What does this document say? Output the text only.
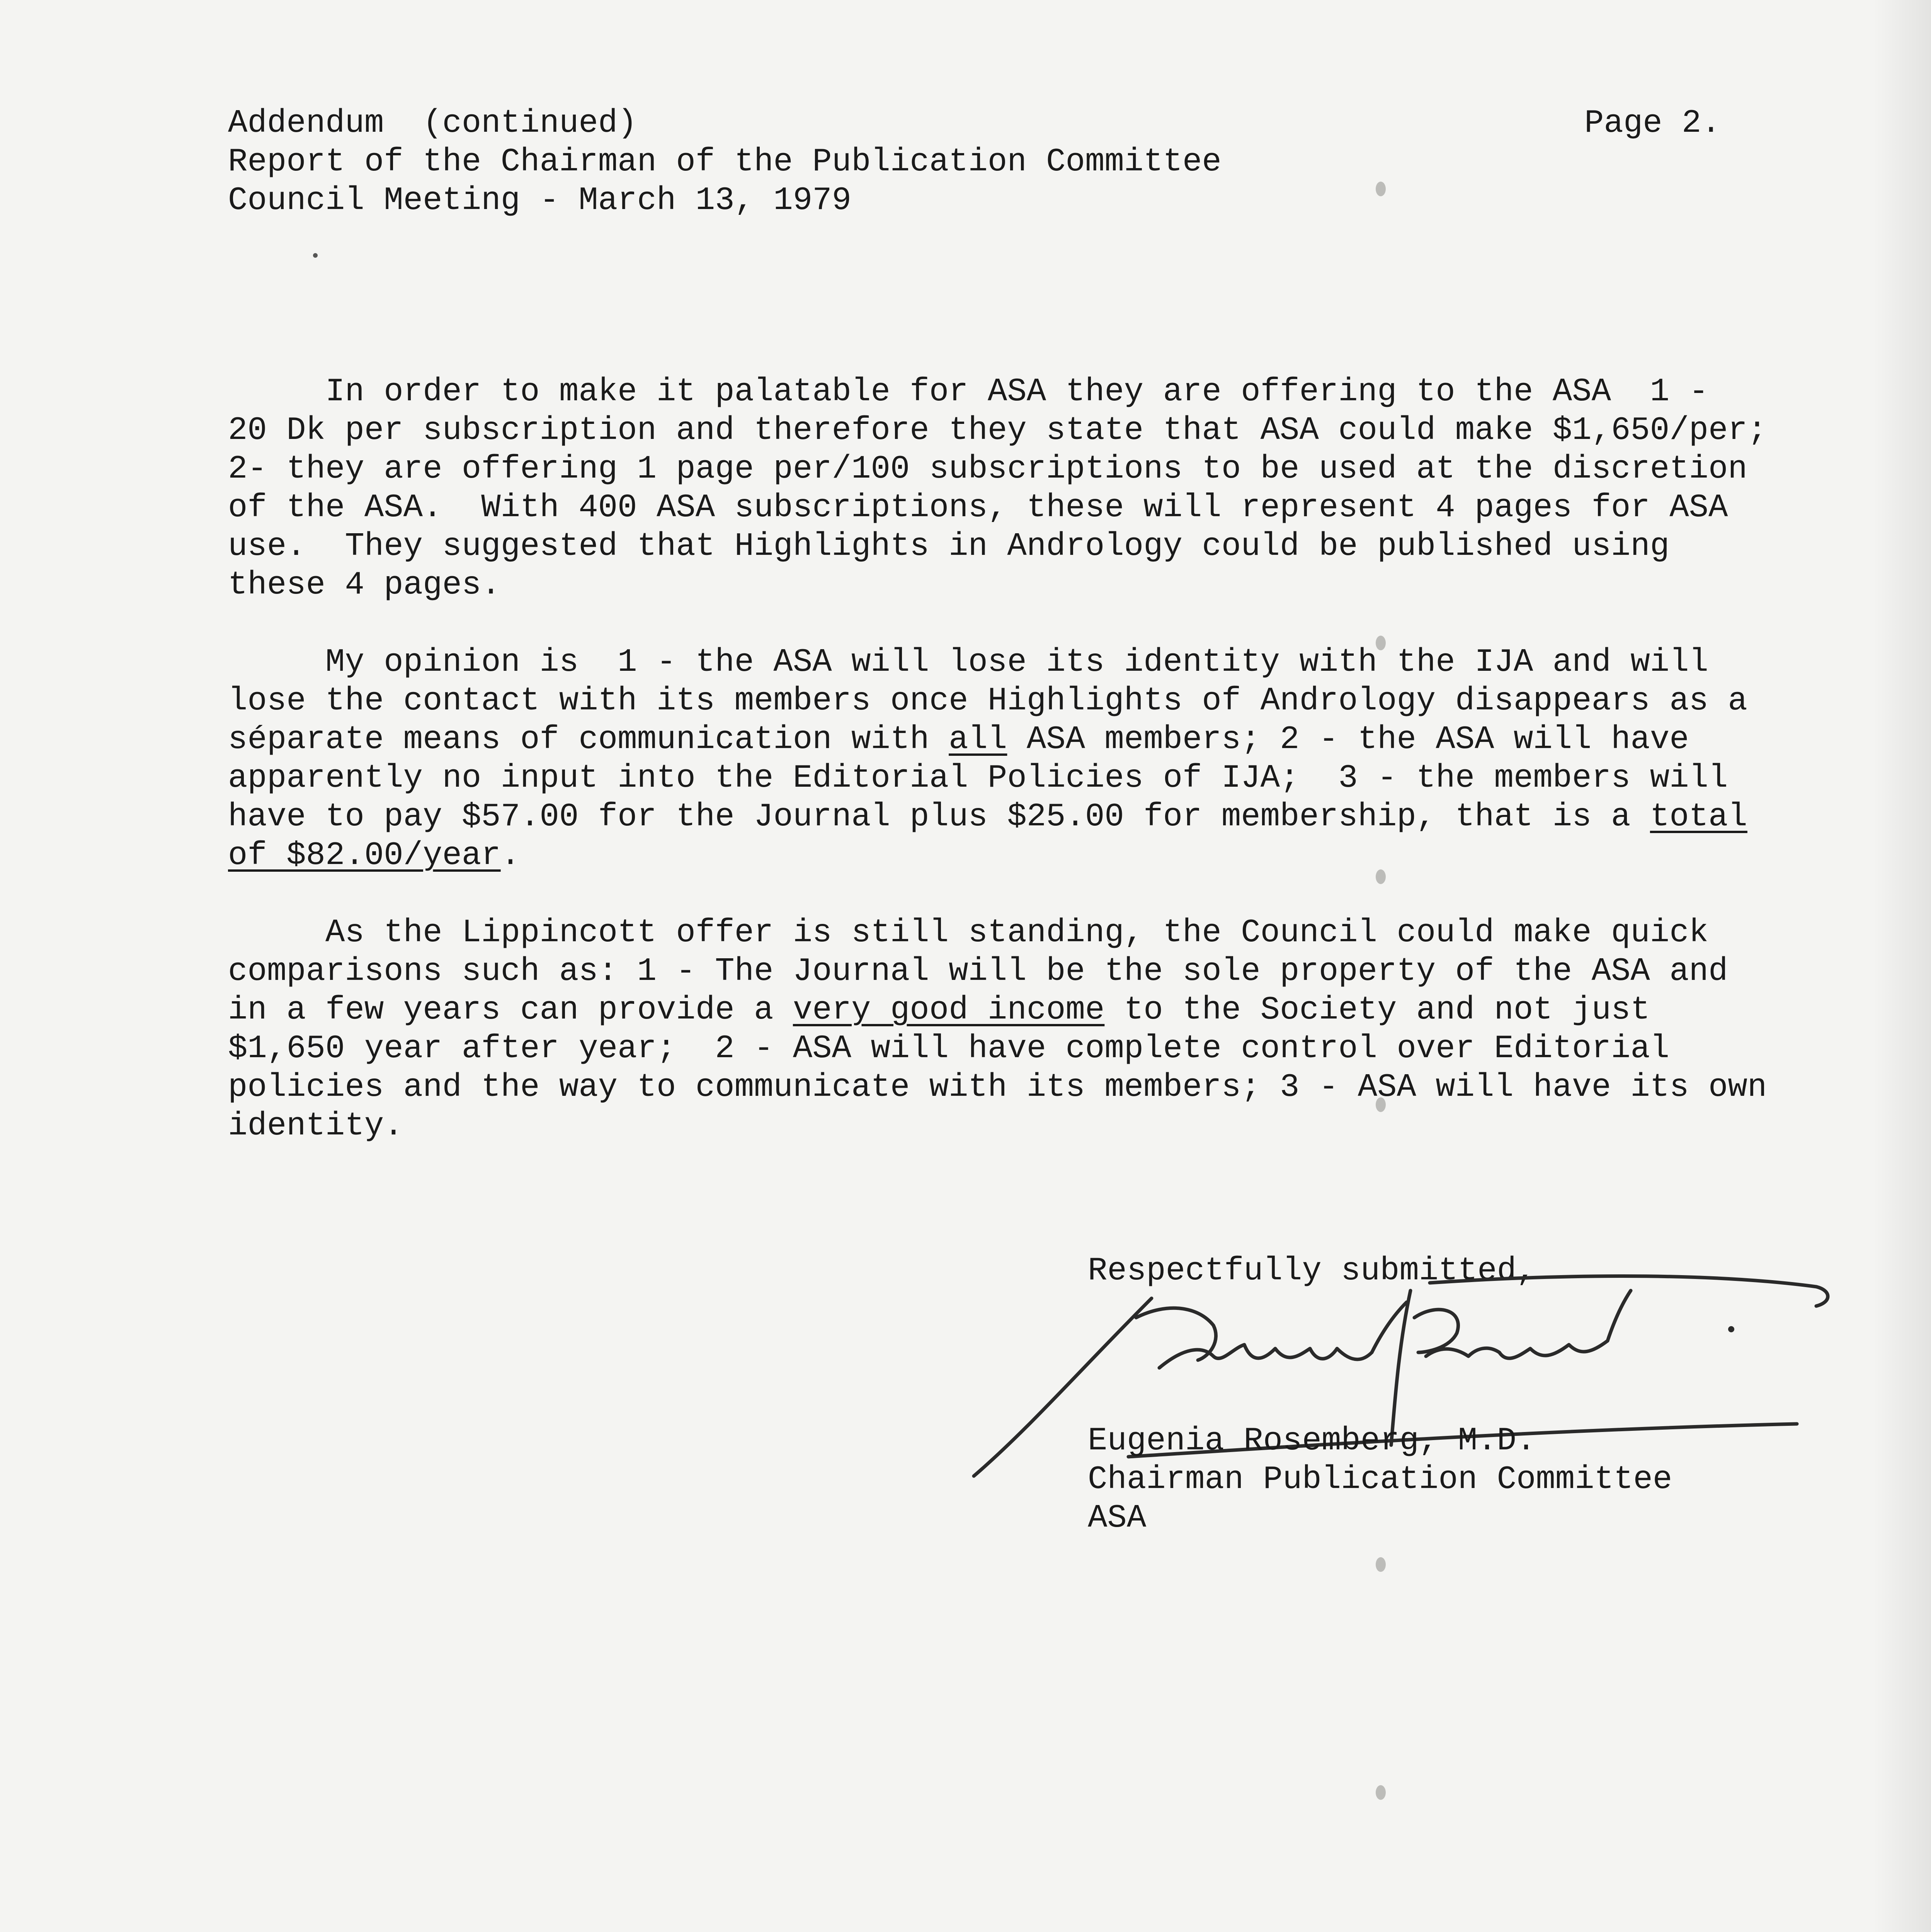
Addendum  (continued)
Report of the Chairman of the Publication Committee
Council Meeting - March 13, 1979
Page 2.
In order to make it palatable for ASA they are offering to the ASA  1 -
20 Dk per subscription and therefore they state that ASA could make $1,650/per;
2- they are offering 1 page per/100 subscriptions to be used at the discretion
of the ASA.  With 400 ASA subscriptions, these will represent 4 pages for ASA
use.  They suggested that Highlights in Andrology could be published using
these 4 pages.
My opinion is  1 - the ASA will lose its identity with the IJA and will
lose the contact with its members once Highlights of Andrology disappears as a
séparate means of communication with all ASA members; 2 - the ASA will have
apparently no input into the Editorial Policies of IJA;  3 - the members will
have to pay $57.00 for the Journal plus $25.00 for membership, that is a total
of $82.00/year.
As the Lippincott offer is still standing, the Council could make quick
comparisons such as: 1 - The Journal will be the sole property of the ASA and
in a few years can provide a very good income to the Society and not just
$1,650 year after year;  2 - ASA will have complete control over Editorial
policies and the way to communicate with its members; 3 - ASA will have its own
identity.
Respectfully submitted,
Eugenia Rosemberg, M.D.
Chairman Publication Committee
ASA
